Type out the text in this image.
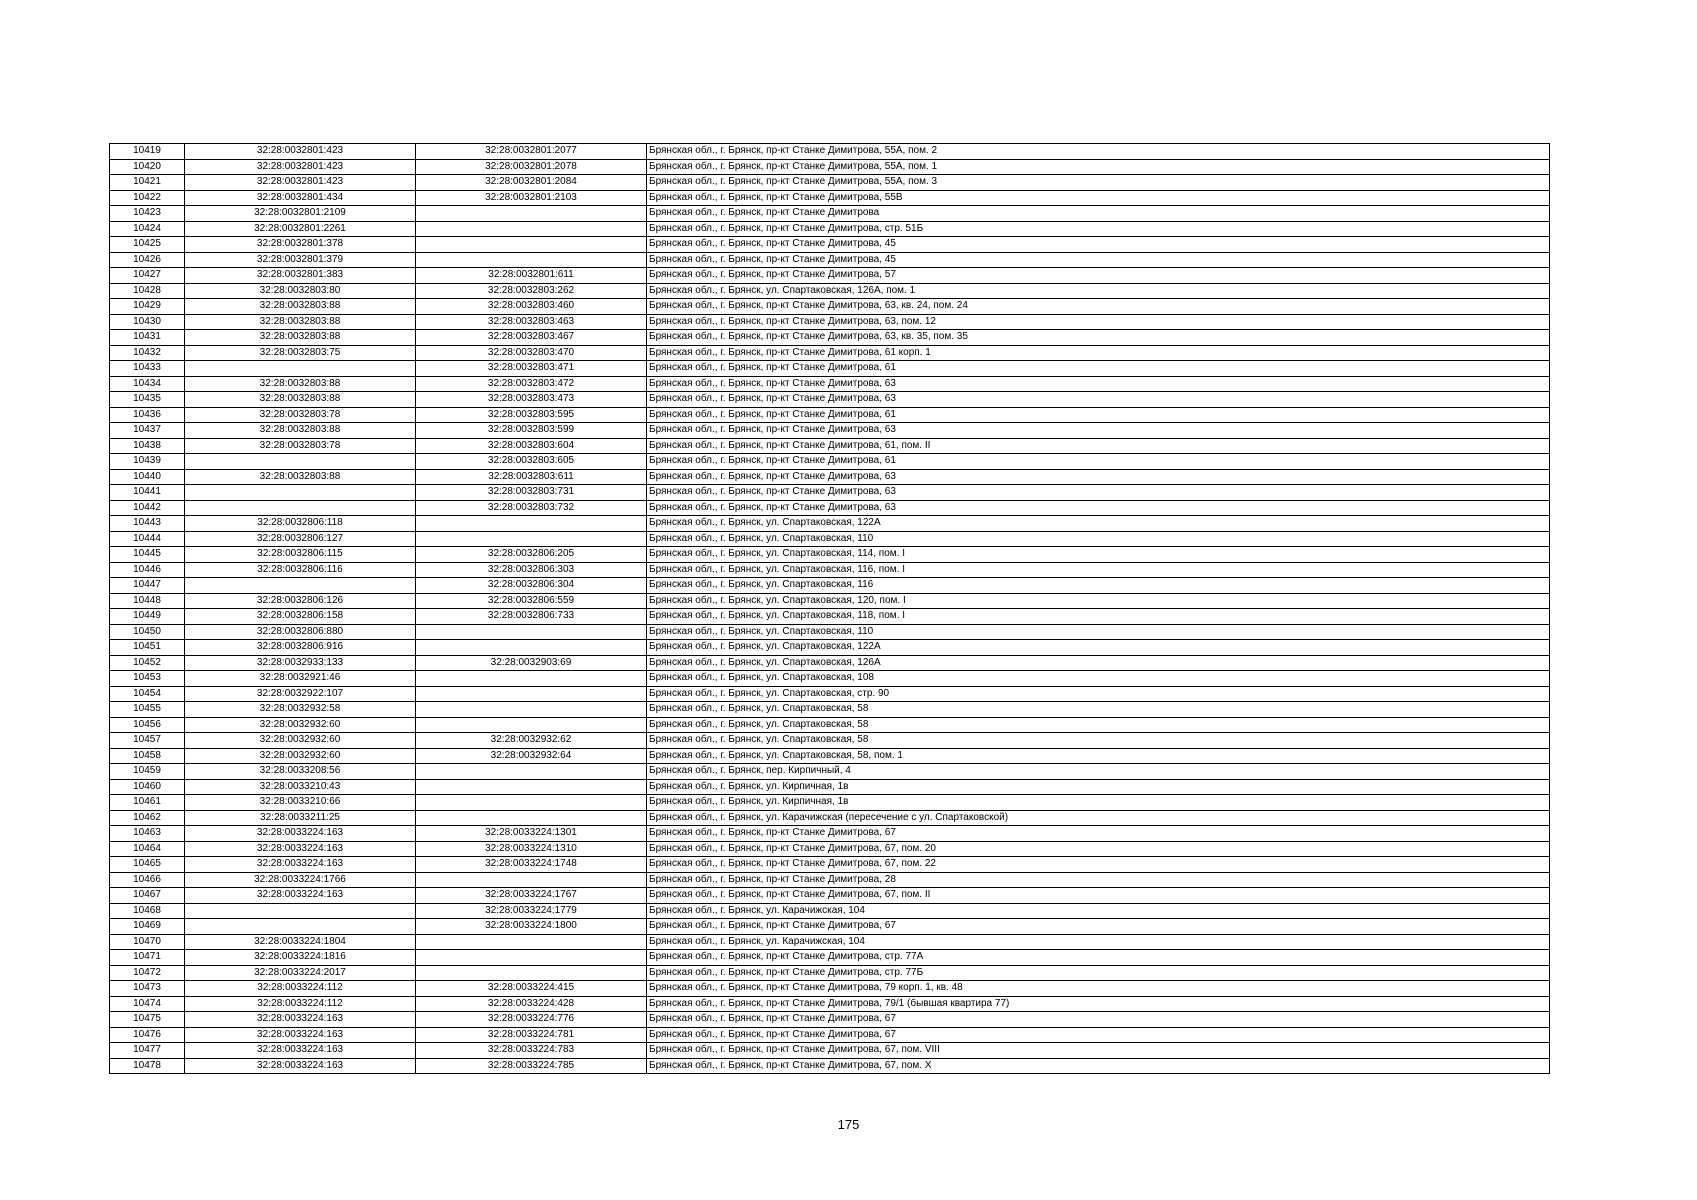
10419	32:28:0032801:423	32:28:0032801:2077	Брянская обл., г. Брянск, пр-кт Станке Димитрова, 55А, пом. 2
10420	32:28:0032801:423	32:28:0032801:2078	Брянская обл., г. Брянск, пр-кт Станке Димитрова, 55А, пом. 1
10421	32:28:0032801:423	32:28:0032801:2084	Брянская обл., г. Брянск, пр-кт Станке Димитрова, 55А, пом. 3
10422	32:28:0032801:434	32:28:0032801:2103	Брянская обл., г. Брянск, пр-кт Станке Димитрова, 55В
10423	32:28:0032801:2109		Брянская обл., г. Брянск, пр-кт Станке Димитрова
10424	32:28:0032801:2261		Брянская обл., г. Брянск, пр-кт Станке Димитрова, стр. 51Б
10425	32:28:0032801:378		Брянская обл., г. Брянск, пр-кт Станке Димитрова, 45
10426	32:28:0032801:379		Брянская обл., г. Брянск, пр-кт Станке Димитрова, 45
10427	32:28:0032801:383	32:28:0032801:611	Брянская обл., г. Брянск, пр-кт Станке Димитрова, 57
10428	32:28:0032803:80	32:28:0032803:262	Брянская обл., г. Брянск, ул. Спартаковская, 126А, пом. 1
10429	32:28:0032803:88	32:28:0032803:460	Брянская обл., г. Брянск, пр-кт Станке Димитрова, 63, кв. 24, пом. 24
10430	32:28:0032803:88	32:28:0032803:463	Брянская обл., г. Брянск, пр-кт Станке Димитрова, 63, пом. 12
10431	32:28:0032803:88	32:28:0032803:467	Брянская обл., г. Брянск, пр-кт Станке Димитрова, 63, кв. 35, пом. 35
10432	32:28:0032803:75	32:28:0032803:470	Брянская обл., г. Брянск, пр-кт Станке Димитрова, 61 корп. 1
10433		32:28:0032803:471	Брянская обл., г. Брянск, пр-кт Станке Димитрова, 61
10434	32:28:0032803:88	32:28:0032803:472	Брянская обл., г. Брянск, пр-кт Станке Димитрова, 63
10435	32:28:0032803:88	32:28:0032803:473	Брянская обл., г. Брянск, пр-кт Станке Димитрова, 63
10436	32:28:0032803:78	32:28:0032803:595	Брянская обл., г. Брянск, пр-кт Станке Димитрова, 61
10437	32:28:0032803:88	32:28:0032803:599	Брянская обл., г. Брянск, пр-кт Станке Димитрова, 63
10438	32:28:0032803:78	32:28:0032803:604	Брянская обл., г. Брянск, пр-кт Станке Димитрова, 61, пом. II
10439		32:28:0032803:605	Брянская обл., г. Брянск, пр-кт Станке Димитрова, 61
10440	32:28:0032803:88	32:28:0032803:611	Брянская обл., г. Брянск, пр-кт Станке Димитрова, 63
10441		32:28:0032803:731	Брянская обл., г. Брянск, пр-кт Станке Димитрова, 63
10442		32:28:0032803:732	Брянская обл., г. Брянск, пр-кт Станке Димитрова, 63
10443	32:28:0032806:118		Брянская обл., г. Брянск, ул. Спартаковская, 122А
10444	32:28:0032806:127		Брянская обл., г. Брянск, ул. Спартаковская, 110
10445	32:28:0032806:115	32:28:0032806:205	Брянская обл., г. Брянск, ул. Спартаковская, 114, пом. I
10446	32:28:0032806:116	32:28:0032806:303	Брянская обл., г. Брянск, ул. Спартаковская, 116, пом. I
10447		32:28:0032806:304	Брянская обл., г. Брянск, ул. Спартаковская, 116
10448	32:28:0032806:126	32:28:0032806:559	Брянская обл., г. Брянск, ул. Спартаковская, 120, пом. I
10449	32:28:0032806:158	32:28:0032806:733	Брянская обл., г. Брянск, ул. Спартаковская, 118, пом. I
10450	32:28:0032806:880		Брянская обл., г. Брянск, ул. Спартаковская, 110
10451	32:28:0032806:916		Брянская обл., г. Брянск, ул. Спартаковская, 122А
10452	32:28:0032933:133	32:28:0032903:69	Брянская обл., г. Брянск, ул. Спартаковская, 126А
10453	32:28:0032921:46		Брянская обл., г. Брянск, ул. Спартаковская, 108
10454	32:28:0032922:107		Брянская обл., г. Брянск, ул. Спартаковская, стр. 90
10455	32:28:0032932:58		Брянская обл., г. Брянск, ул. Спартаковская, 58
10456	32:28:0032932:60		Брянская обл., г. Брянск, ул. Спартаковская, 58
10457	32:28:0032932:60	32:28:0032932:62	Брянская обл., г. Брянск, ул. Спартаковская, 58
10458	32:28:0032932:60	32:28:0032932:64	Брянская обл., г. Брянск, ул. Спартаковская, 58, пом. 1
10459	32:28:0033208:56		Брянская обл., г. Брянск, пер. Кирпичный, 4
10460	32:28:0033210:43		Брянская обл., г. Брянск, ул. Кирпичная, 1в
10461	32:28:0033210:66		Брянская обл., г. Брянск, ул. Кирпичная, 1в
10462	32:28:0033211:25		Брянская обл., г. Брянск, ул. Карачижская (пересечение с ул. Спартаковской)
10463	32:28:0033224:163	32:28:0033224:1301	Брянская обл., г. Брянск, пр-кт Станке Димитрова, 67
10464	32:28:0033224:163	32:28:0033224:1310	Брянская обл., г. Брянск, пр-кт Станке Димитрова, 67, пом. 20
10465	32:28:0033224:163	32:28:0033224:1748	Брянская обл., г. Брянск, пр-кт Станке Димитрова, 67, пом. 22
10466	32:28:0033224:1766		Брянская обл., г. Брянск, пр-кт Станке Димитрова, 28
10467	32:28:0033224:163	32:28:0033224:1767	Брянская обл., г. Брянск, пр-кт Станке Димитрова, 67, пом. II
10468		32:28:0033224:1779	Брянская обл., г. Брянск, ул. Карачижская, 104
10469		32:28:0033224:1800	Брянская обл., г. Брянск, пр-кт Станке Димитрова, 67
10470	32:28:0033224:1804		Брянская обл., г. Брянск, ул. Карачижская, 104
10471	32:28:0033224:1816		Брянская обл., г. Брянск, пр-кт Станке Димитрова, стр. 77А
10472	32:28:0033224:2017		Брянская обл., г. Брянск, пр-кт Станке Димитрова, стр. 77Б
10473	32:28:0033224:112	32:28:0033224:415	Брянская обл., г. Брянск, пр-кт Станке Димитрова, 79 корп. 1, кв. 48
10474	32:28:0033224:112	32:28:0033224:428	Брянская обл., г. Брянск, пр-кт Станке Димитрова, 79/1 (бывшая квартира 77)
10475	32:28:0033224:163	32:28:0033224:776	Брянская обл., г. Брянск, пр-кт Станке Димитрова, 67
10476	32:28:0033224:163	32:28:0033224:781	Брянская обл., г. Брянск, пр-кт Станке Димитрова, 67
10477	32:28:0033224:163	32:28:0033224:783	Брянская обл., г. Брянск, пр-кт Станке Димитрова, 67, пом. VIII
10478	32:28:0033224:163	32:28:0033224:785	Брянская обл., г. Брянск, пр-кт Станке Димитрова, 67, пом. X
175
